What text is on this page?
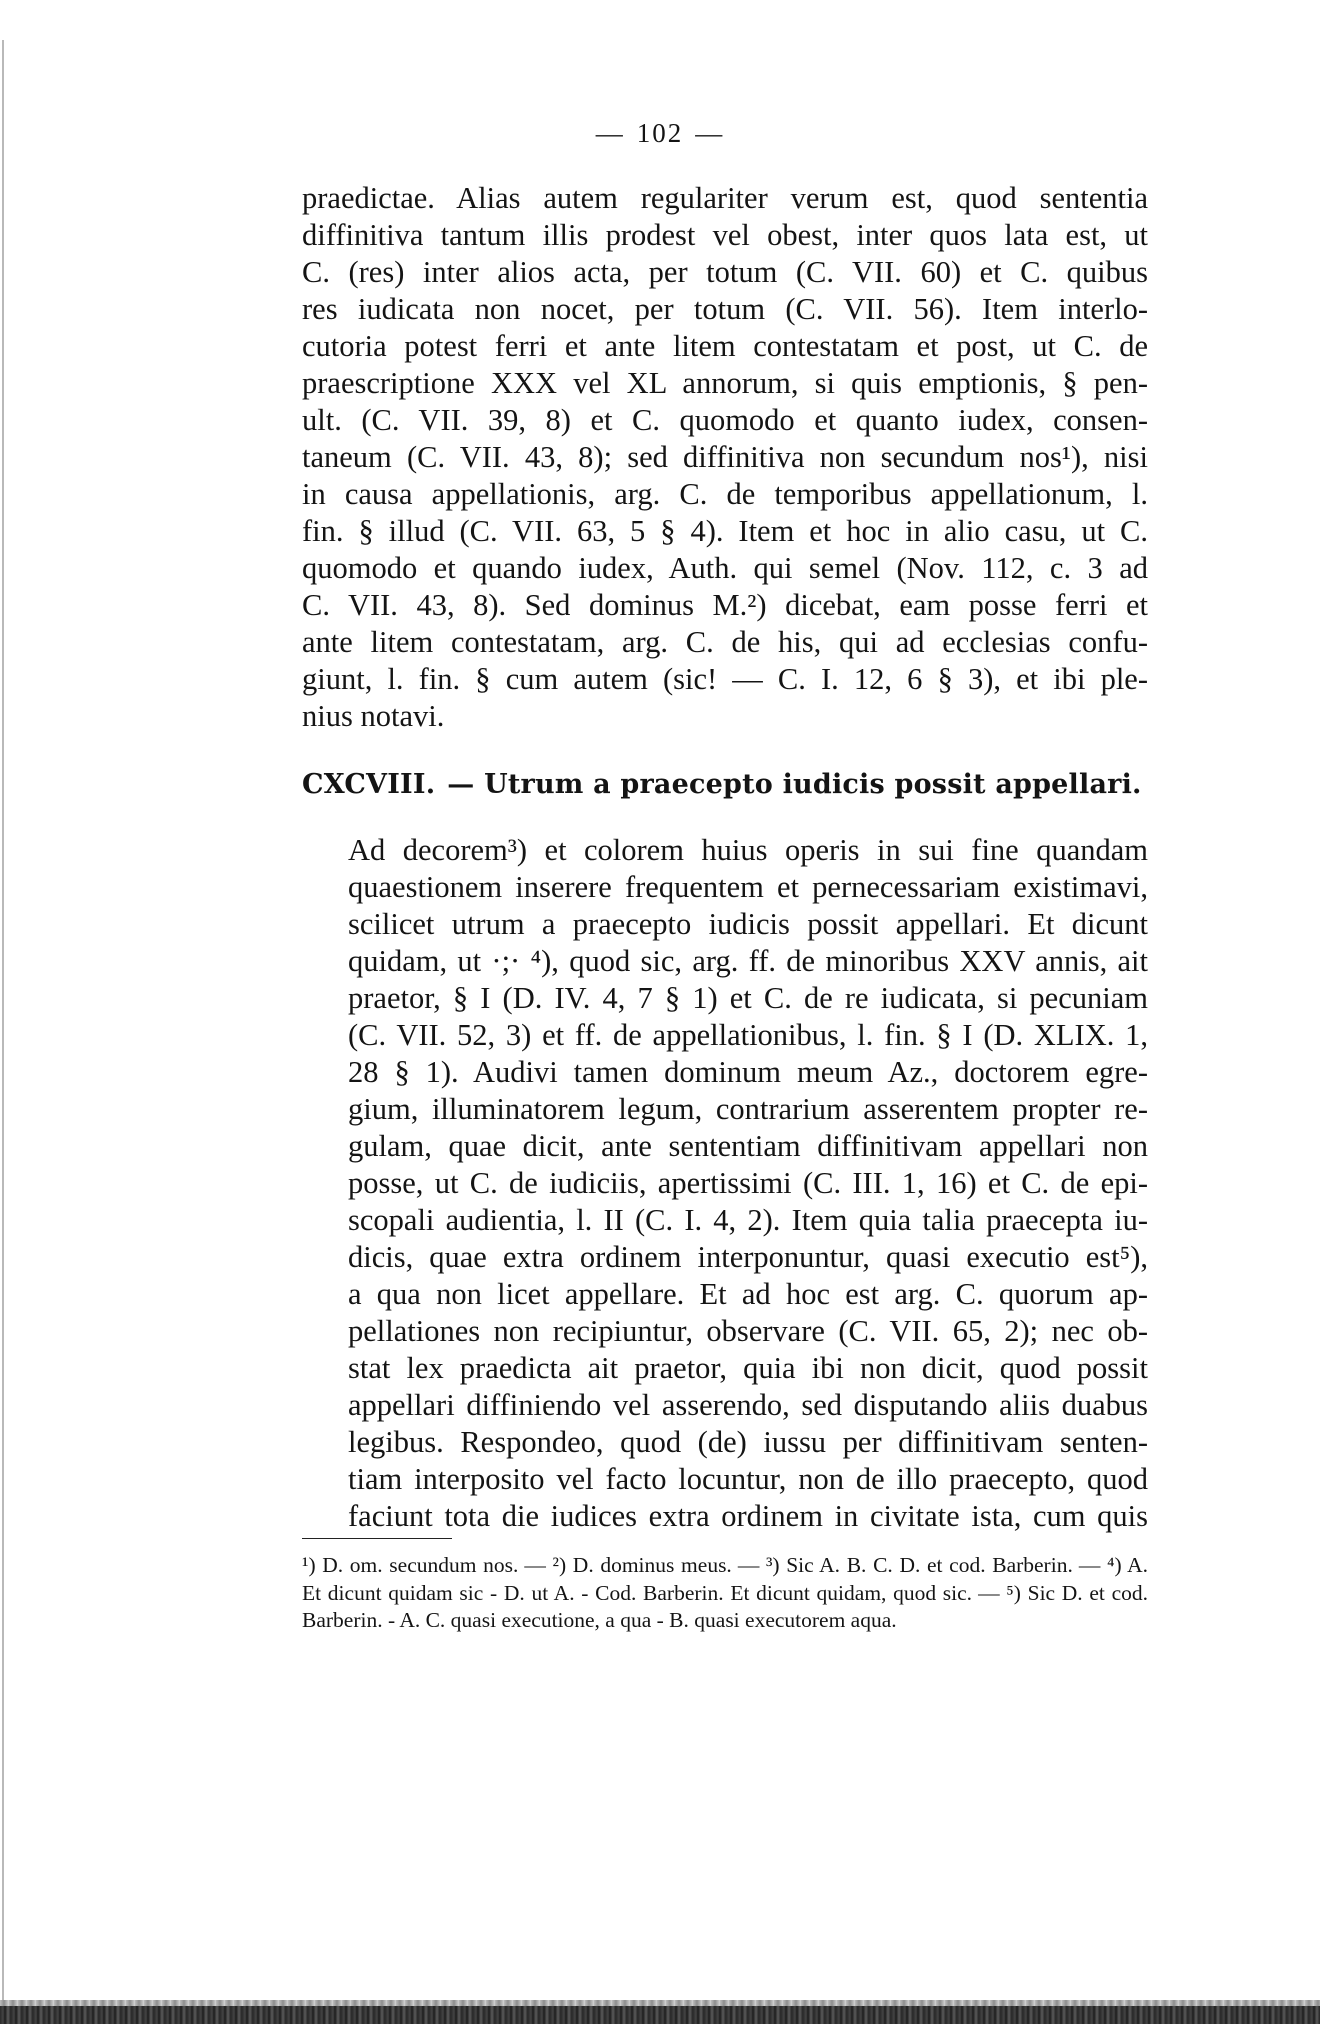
— 102 —
praedictae. Alias autem regulariter verum est, quod sententia
diffinitiva tantum illis prodest vel obest, inter quos lata est, ut
C. (res) inter alios acta, per totum (C. VII. 60) et C. quibus
res iudicata non nocet, per totum (C. VII. 56). Item interlo-
cutoria potest ferri et ante litem contestatam et post, ut C. de
praescriptione XXX vel XL annorum, si quis emptionis, § pen-
ult. (C. VII. 39, 8) et C. quomodo et quanto iudex, consen-
taneum (C. VII. 43, 8); sed diffinitiva non secundum nos¹), nisi
in causa appellationis, arg. C. de temporibus appellationum, l.
fin. § illud (C. VII. 63, 5 § 4). Item et hoc in alio casu, ut C.
quomodo et quando iudex, Auth. qui semel (Nov. 112, c. 3 ad
C. VII. 43, 8). Sed dominus M.²) dicebat, eam posse ferri et
ante litem contestatam, arg. C. de his, qui ad ecclesias confu-
giunt, l. fin. § cum autem (sic! — C. I. 12, 6 § 3), et ibi ple-
nius notavi.
CXCVIII. — Utrum a praecepto iudicis possit appellari.
Ad decorem³) et colorem huius operis in sui fine quandam
quaestionem inserere frequentem et pernecessariam existimavi,
scilicet utrum a praecepto iudicis possit appellari. Et dicunt
quidam, ut ·;· ⁴), quod sic, arg. ff. de minoribus XXV annis, ait
praetor, § I (D. IV. 4, 7 § 1) et C. de re iudicata, si pecuniam
(C. VII. 52, 3) et ff. de appellationibus, l. fin. § I (D. XLIX. 1,
28 § 1). Audivi tamen dominum meum Az., doctorem egre-
gium, illuminatorem legum, contrarium asserentem propter re-
gulam, quae dicit, ante sententiam diffinitivam appellari non
posse, ut C. de iudiciis, apertissimi (C. III. 1, 16) et C. de epi-
scopali audientia, l. II (C. I. 4, 2). Item quia talia praecepta iu-
dicis, quae extra ordinem interponuntur, quasi executio est⁵),
a qua non licet appellare. Et ad hoc est arg. C. quorum ap-
pellationes non recipiuntur, observare (C. VII. 65, 2); nec ob-
stat lex praedicta ait praetor, quia ibi non dicit, quod possit
appellari diffiniendo vel asserendo, sed disputando aliis duabus
legibus. Respondeo, quod (de) iussu per diffinitivam senten-
tiam interposito vel facto locuntur, non de illo praecepto, quod
faciunt tota die iudices extra ordinem in civitate ista, cum quis
¹) D. om. secundum nos. — ²) D. dominus meus. — ³) Sic A. B. C. D. et cod. Barberin. — ⁴) A. Et dicunt quidam sic - D. ut A. - Cod. Barberin. Et dicunt quidam, quod sic. — ⁵) Sic D. et cod. Barberin. - A. C. quasi executione, a qua - B. quasi executorem aqua.
